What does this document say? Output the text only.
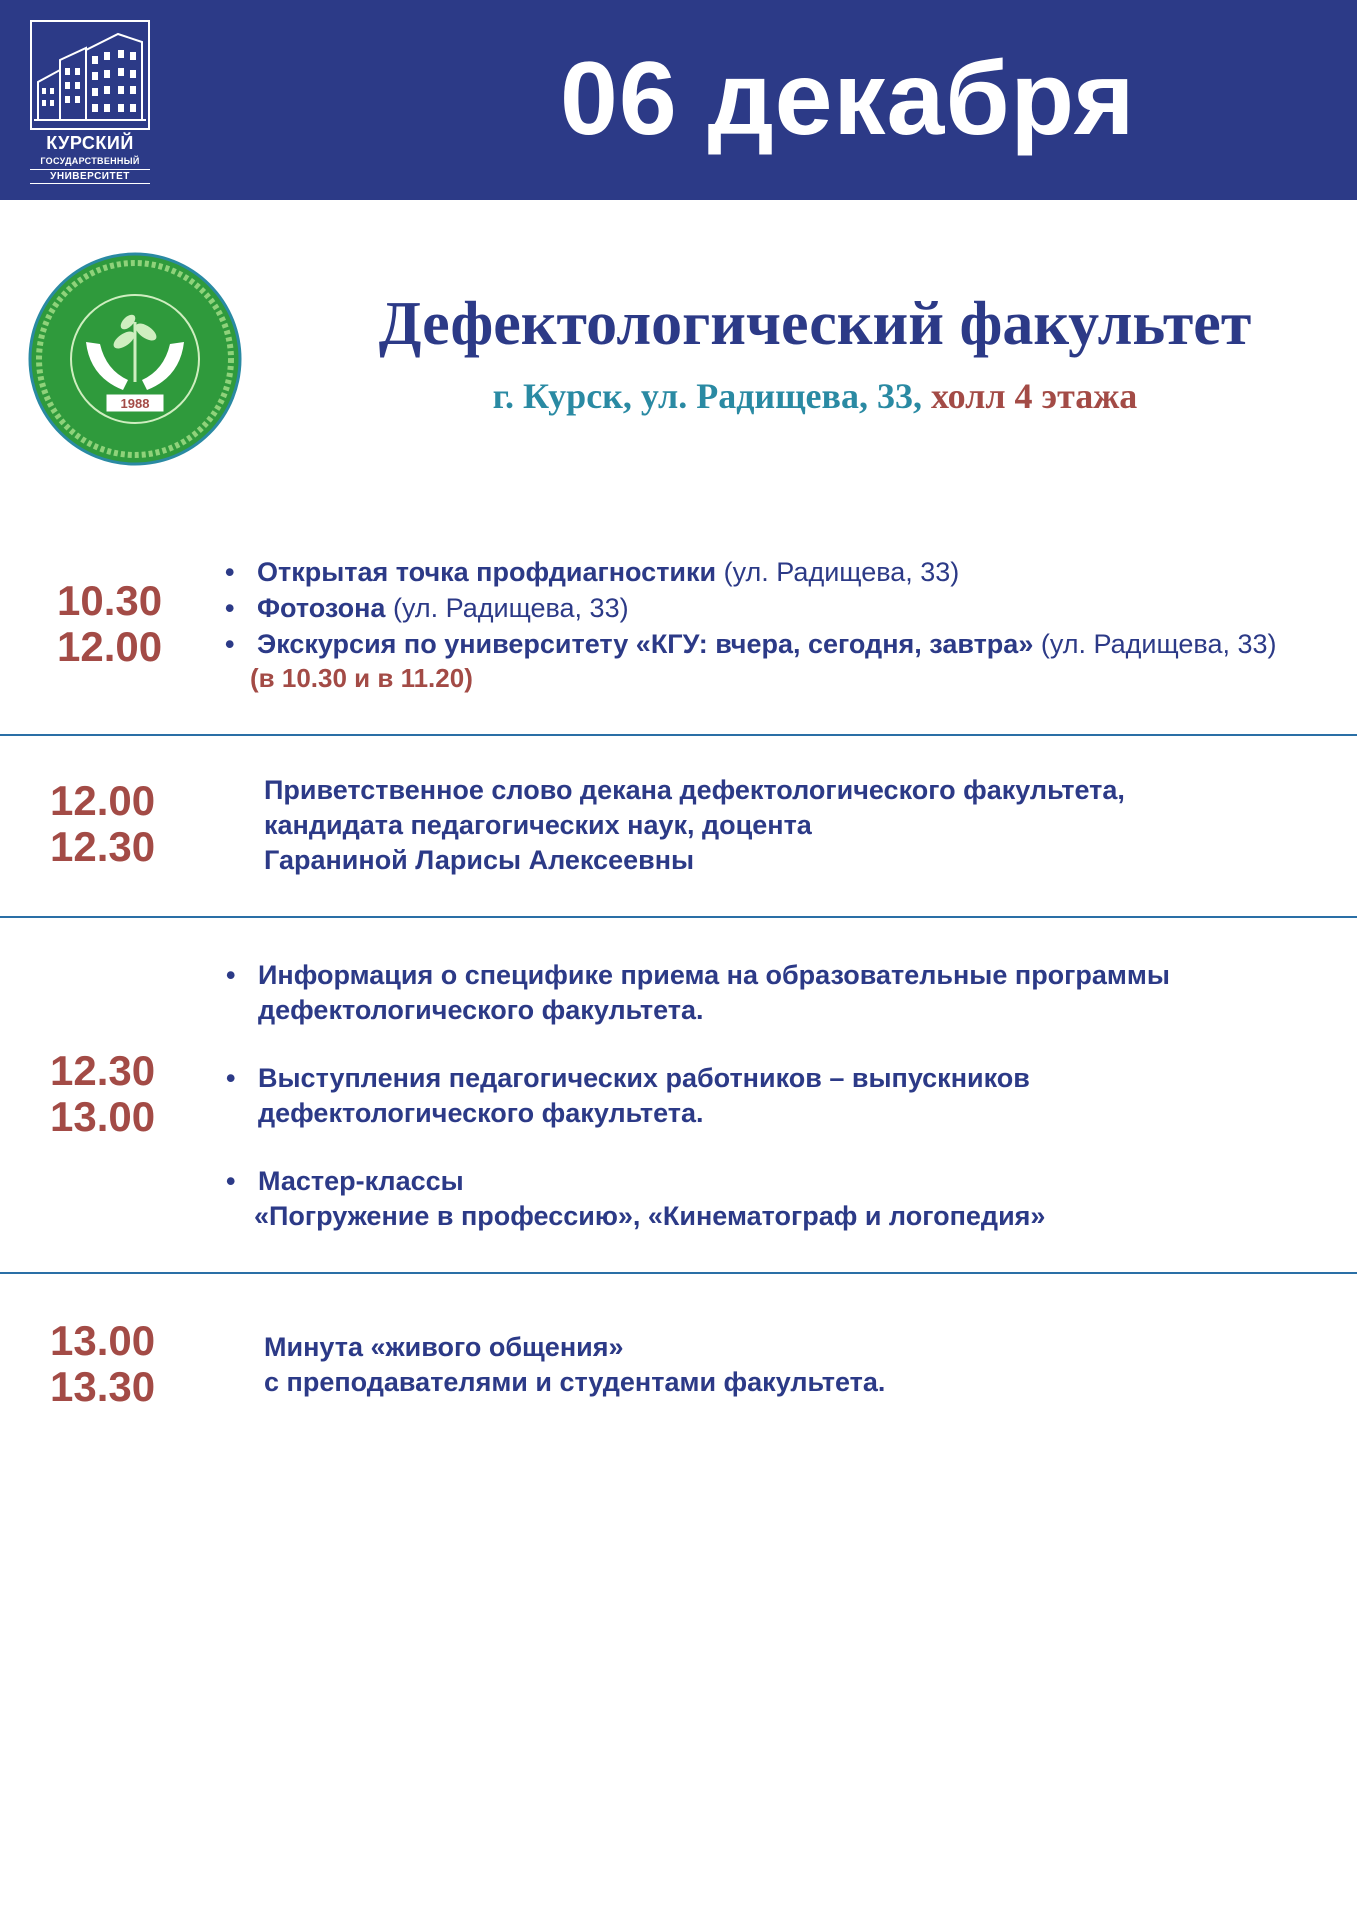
КУРСКИЙ
ГОСУДАРСТВЕННЫЙ
УНИВЕРСИТЕТ
06 декабря
1988
Дефектологический факультет
г. Курск, ул. Радищева, 33, холл 4 этажа
10.30
12.00
• Открытая точка профдиагностики (ул. Радищева, 33)
• Фотозона (ул. Радищева, 33)
• Экскурсия по университету «КГУ: вчера, сегодня, завтра» (ул. Радищева, 33)
(в 10.30 и в 11.20)
12.00
12.30
Приветственное слово декана дефектологического факультета,
кандидата педагогических наук, доцента
Гараниной Ларисы Алексеевны
12.30
13.00
• Информация о специфике приема на образовательные программы
дефектологического факультета.
• Выступления педагогических работников – выпускников
дефектологического факультета.
• Мастер-классы
«Погружение в профессию», «Кинематограф и логопедия»
13.00
13.30
Минута «живого общения»
с преподавателями и студентами факультета.
